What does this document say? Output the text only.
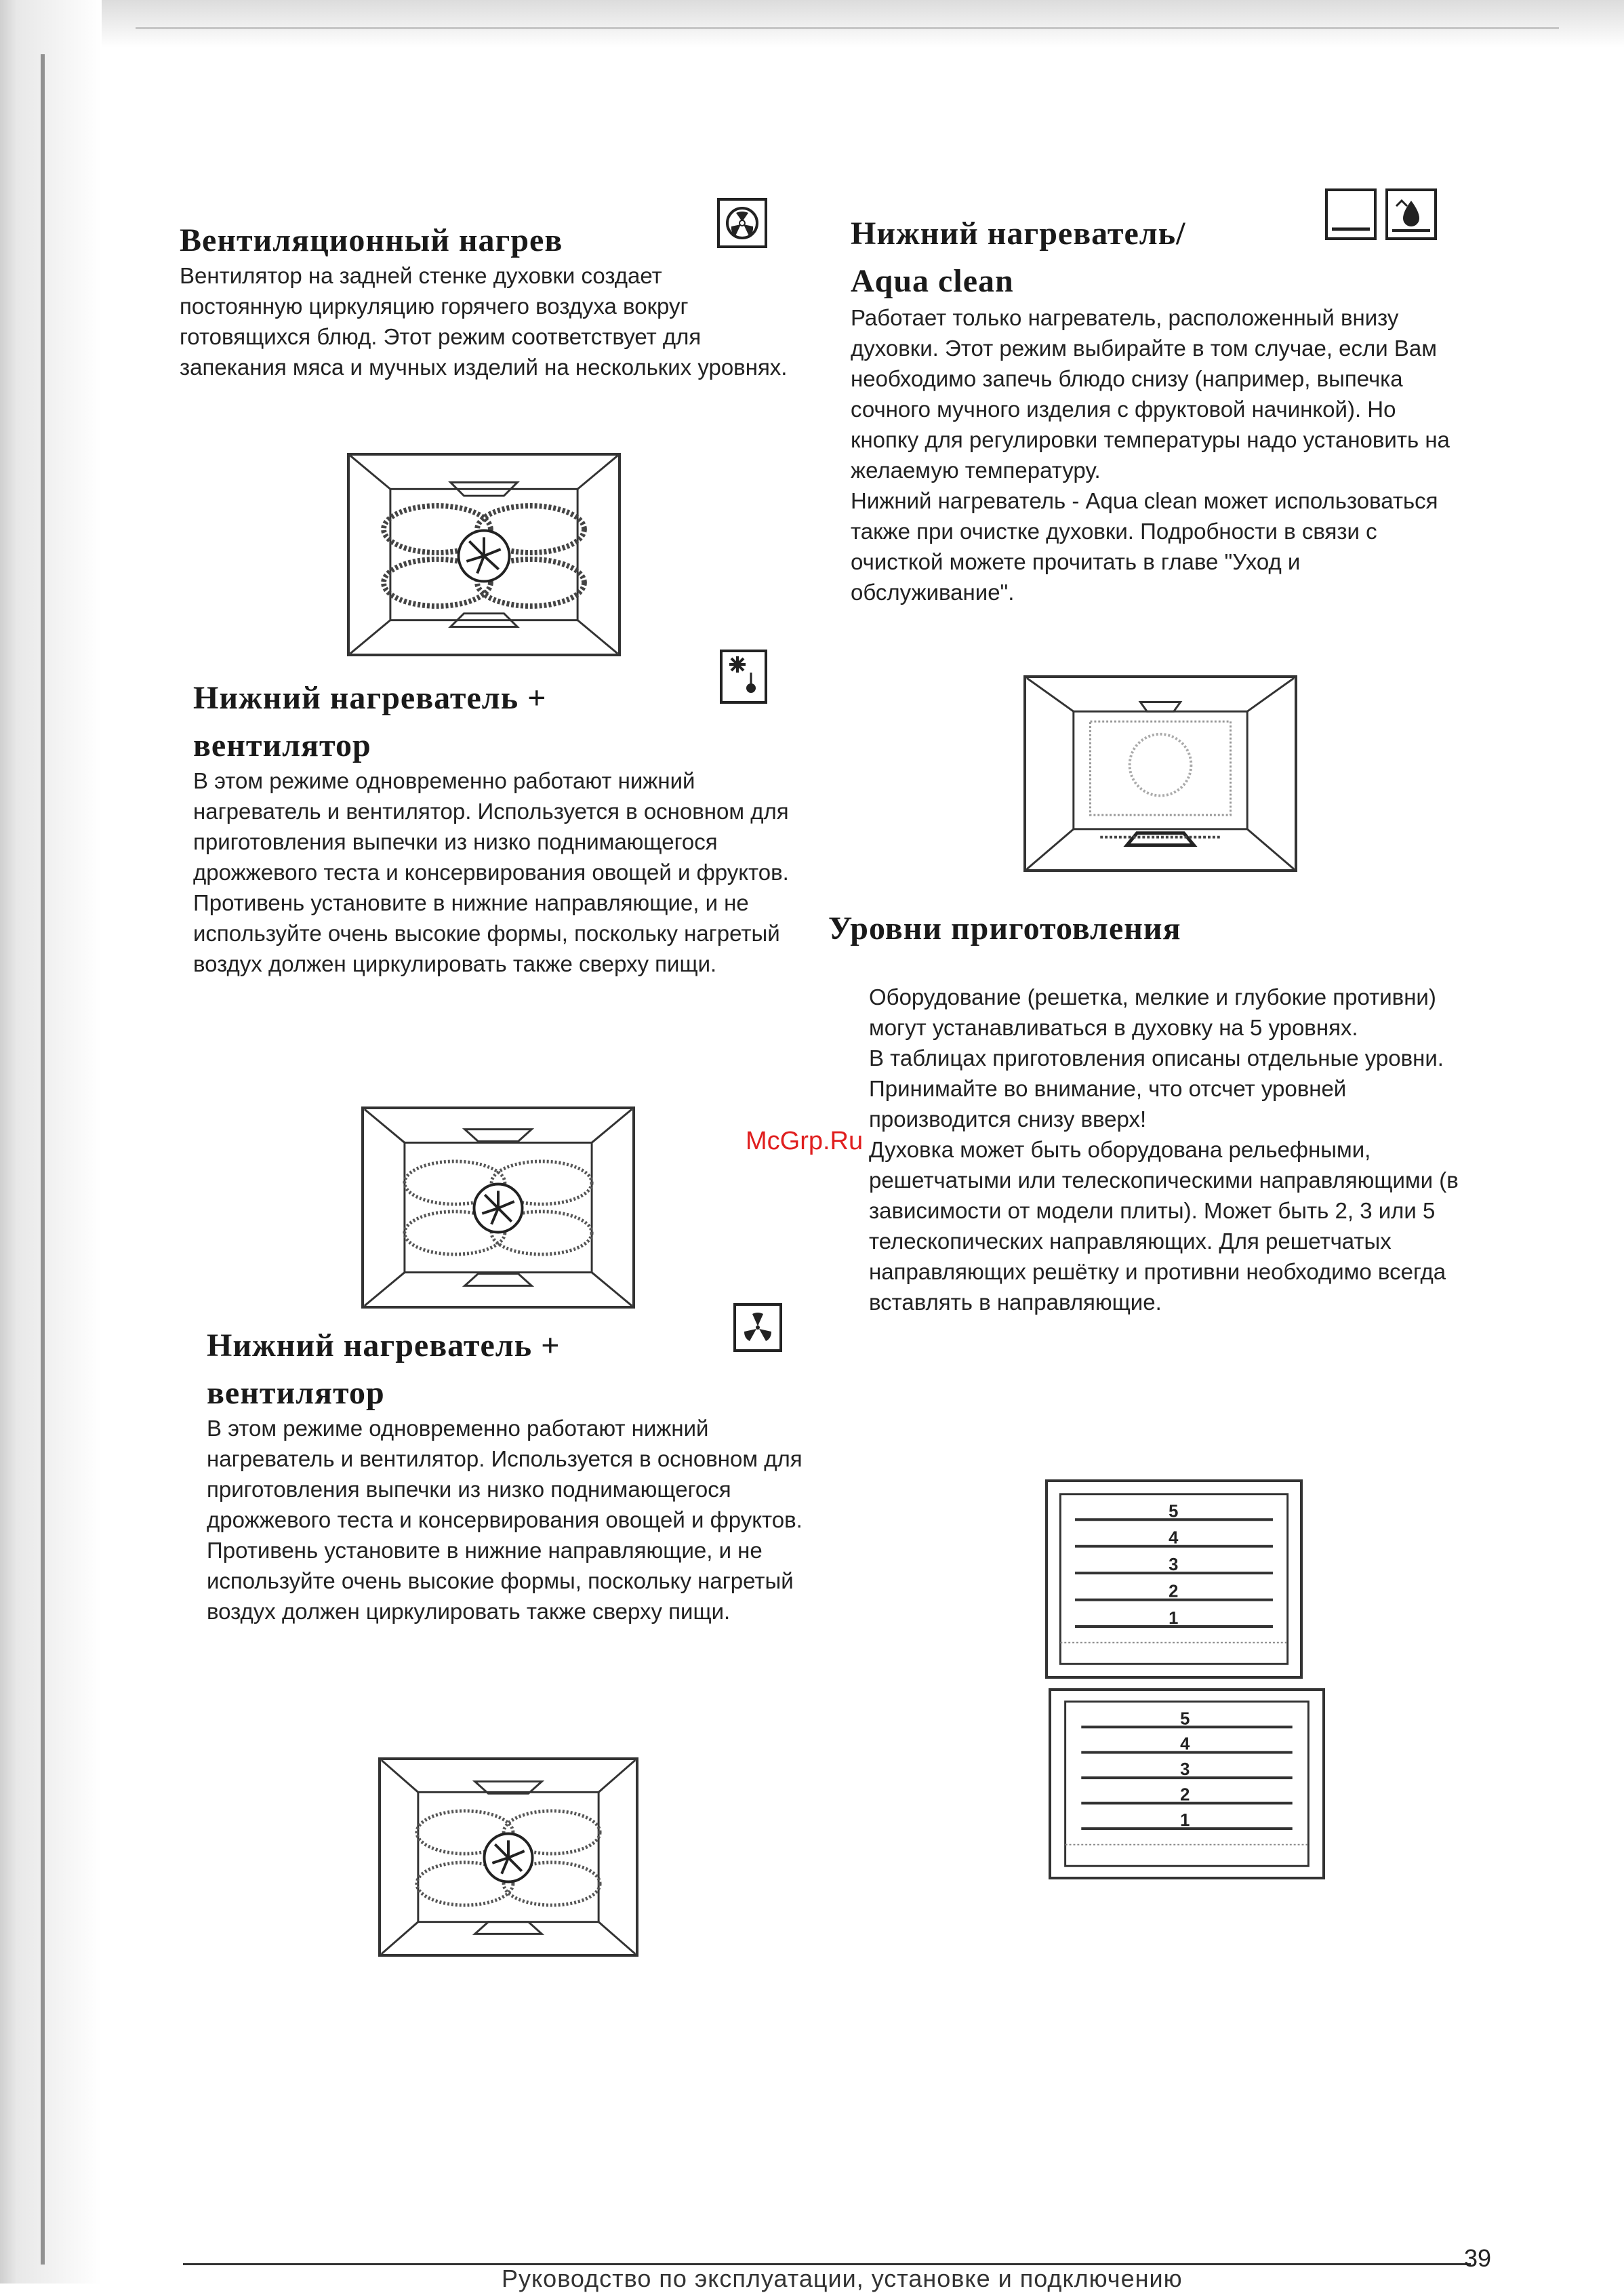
Вентиляционный нагрев
Вентилятор на задней стенке духовки создает постоянную циркуляцию горячего воздуха вокруг готовящихся блюд. Этот режим соответствует для запекания мяса и мучных изделий на нескольких уровнях.
Нижний нагреватель +
вентилятор

В этом режиме одновременно работают нижний нагреватель и вентилятор. Используется в основном для приготовления выпечки из низко поднимающегося дрожжевого теста и консервирования овощей и фруктов.

Противень установите в нижние направляющие, и не используйте очень высокие формы, поскольку нагретый воздух должен циркулировать также сверху пищи.

Нижний нагреватель +
вентилятор

В этом режиме одновременно работают нижний нагреватель и вентилятор. Используется в основном для приготовления выпечки из низко поднимающегося дрожжевого теста и консервирования овощей и фруктов.

Противень установите в нижние направляющие, и не используйте очень высокие формы, поскольку нагретый воздух должен циркулировать также сверху пищи.

Нижний нагреватель/
Aqua clean

Работает только нагреватель, расположенный внизу духовки. Этот режим выбирайте в том случае, если Вам необходимо запечь блюдо снизу (например, выпечка сочного мучного изделия с фруктовой начинкой). Но кнопку для регулировки температуры надо установить на желаемую температуру.

Нижний нагреватель - Aqua clean может использоваться также при очистке духовки. Подробности в связи с очисткой можете прочитать в главе "Уход и обслуживание".

Уровни приготовления

Оборудование (решетка, мелкие и глубокие противни) могут устанавливаться в духовку на 5 уровнях.

В таблицах приготовления описаны отдельные уровни.

Принимайте во внимание, что отсчет уровней производится снизу вверх!

Духовка может быть оборудована рельефными, решетчатыми или телескопическими направляющими (в зависимости от модели плиты). Может быть 2, 3 или 5 телескопических направляющих. Для решетчатых направляющих решётку и противни необходимо всегда вставлять в направляющие.

McGrp.Ru
5
4
3
2
1
5
4
3
2
1
Руководство по эксплуатации, установке и подключению
39
